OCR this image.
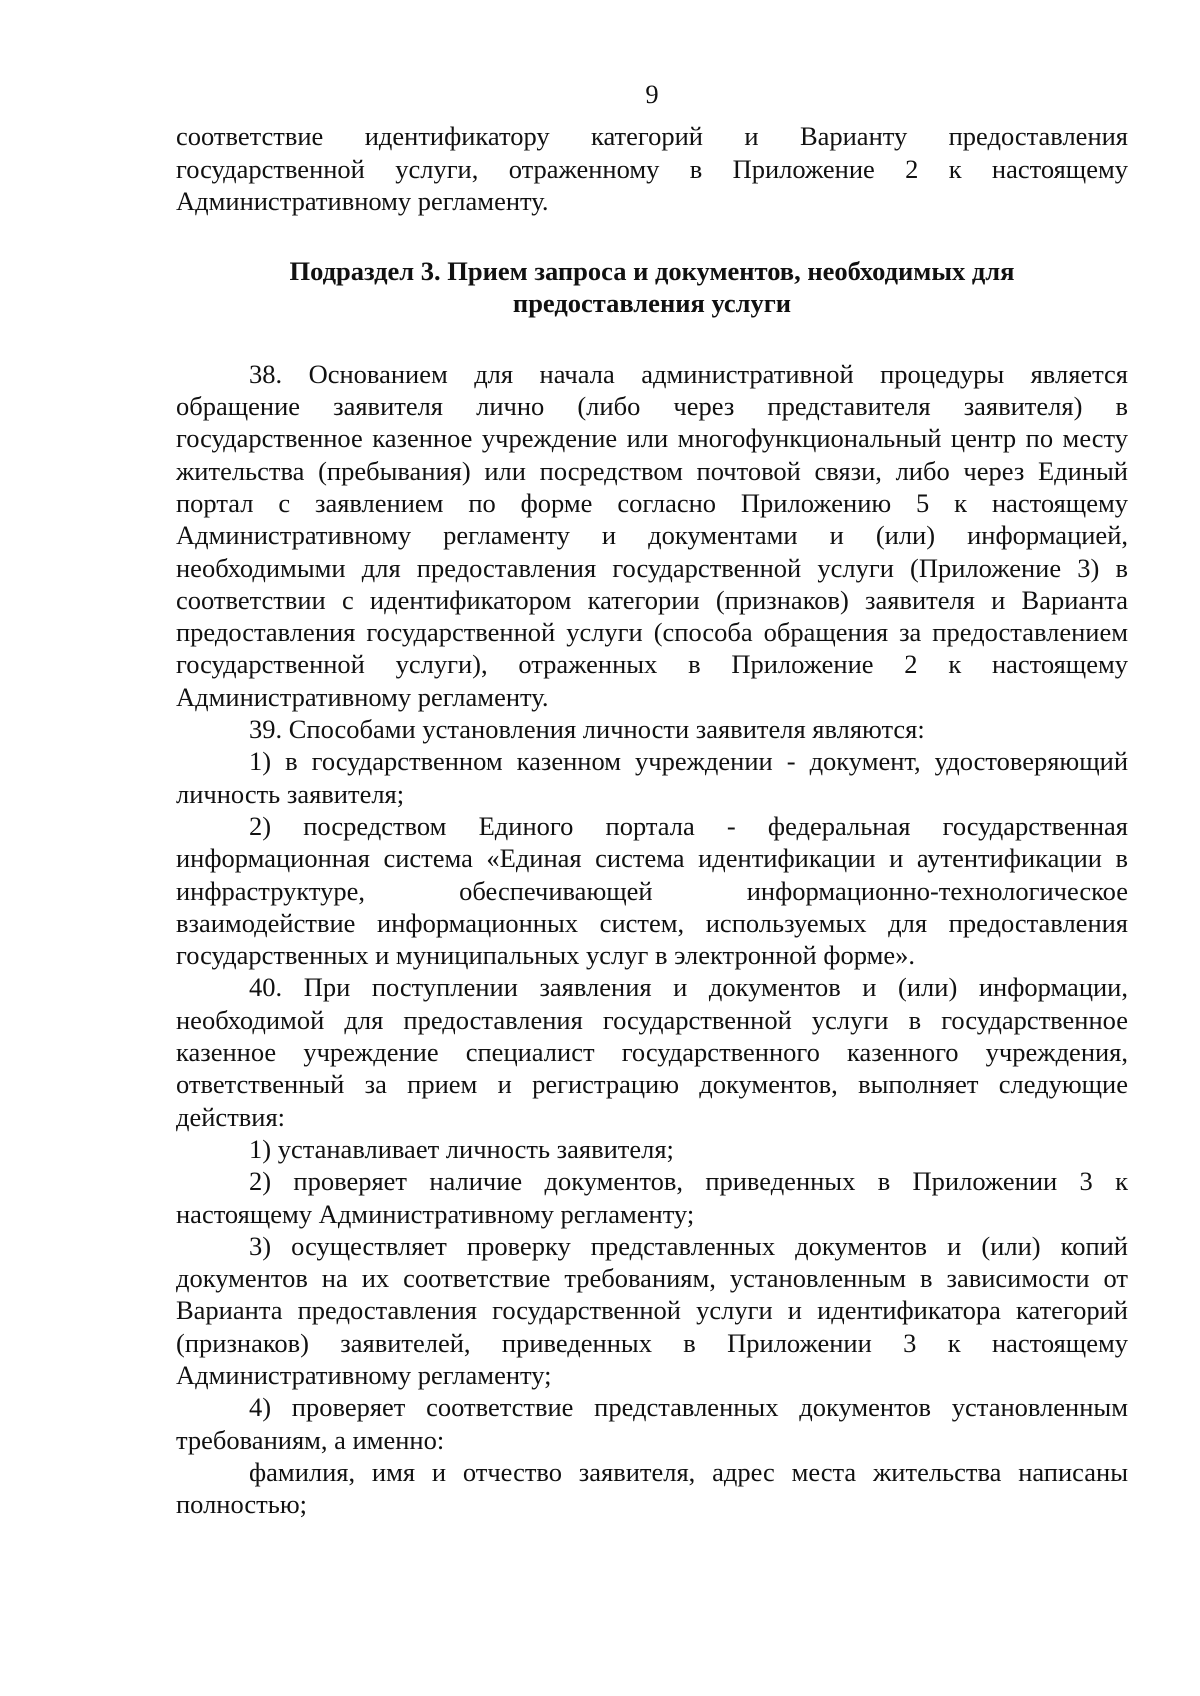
9

соответствие идентификатору категорий и Варианту предоставления государственной услуги, отраженному в Приложение 2 к настоящему Административному регламенту.

Подраздел 3. Прием запроса и документов, необходимых для предоставления услуги

38. Основанием для начала административной процедуры является обращение заявителя лично (либо через представителя заявителя) в государственное казенное учреждение или многофункциональный центр по месту жительства (пребывания) или посредством почтовой связи, либо через Единый портал с заявлением по форме согласно Приложению 5 к настоящему Административному регламенту и документами и (или) информацией, необходимыми для предоставления государственной услуги (Приложение 3) в соответствии с идентификатором категории (признаков) заявителя и Варианта предоставления государственной услуги (способа обращения за предоставлением государственной услуги), отраженных в Приложение 2 к настоящему Административному регламенту.

39. Способами установления личности заявителя являются:

1) в государственном казенном учреждении - документ, удостоверяющий личность заявителя;

2) посредством Единого портала - федеральная государственная информационная система «Единая система идентификации и аутентификации в инфраструктуре, обеспечивающей информационно-технологическое взаимодействие информационных систем, используемых для предоставления государственных и муниципальных услуг в электронной форме».

40. При поступлении заявления и документов и (или) информации, необходимой для предоставления государственной услуги в государственное казенное учреждение специалист государственного казенного учреждения, ответственный за прием и регистрацию документов, выполняет следующие действия:

1) устанавливает личность заявителя;

2) проверяет наличие документов, приведенных в Приложении 3 к настоящему Административному регламенту;

3) осуществляет проверку представленных документов и (или) копий документов на их соответствие требованиям, установленным в зависимости от Варианта предоставления государственной услуги и идентификатора категорий (признаков) заявителей, приведенных в Приложении 3 к настоящему Административному регламенту;

4) проверяет соответствие представленных документов установленным требованиям, а именно:

фамилия, имя и отчество заявителя, адрес места жительства написаны полностью;
